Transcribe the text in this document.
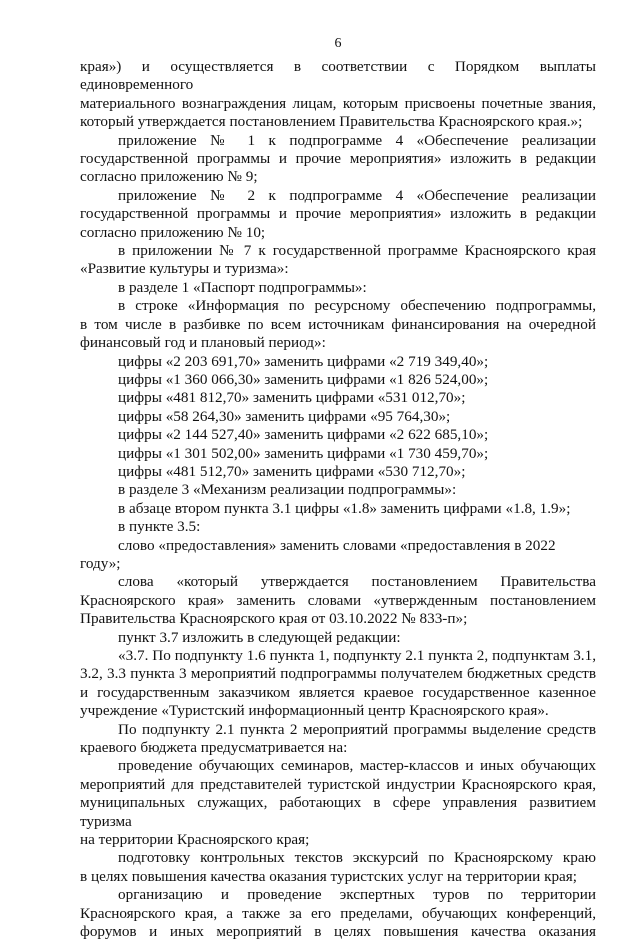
6

края») и осуществляется в соответствии с Порядком выплаты единовременного

материального вознаграждения лицам, которым присвоены почетные звания,

который утверждается постановлением Правительства Красноярского края.»;

приложение № 1 к подпрограмме 4 «Обеспечение реализации

государственной программы и прочие мероприятия» изложить в редакции

согласно приложению № 9;

приложение № 2 к подпрограмме 4 «Обеспечение реализации

государственной программы и прочие мероприятия» изложить в редакции

согласно приложению № 10;

в приложении № 7 к государственной программе Красноярского края

«Развитие культуры и туризма»:

в разделе 1 «Паспорт подпрограммы»:

в строке «Информация по ресурсному обеспечению подпрограммы,

в том числе в разбивке по всем источникам финансирования на очередной

финансовый год и плановый период»:

цифры «2 203 691,70» заменить цифрами «2 719 349,40»;

цифры «1 360 066,30» заменить цифрами «1 826 524,00»;

цифры «481 812,70» заменить цифрами «531 012,70»;

цифры «58 264,30» заменить цифрами «95 764,30»;

цифры «2 144 527,40» заменить цифрами «2 622 685,10»;

цифры «1 301 502,00» заменить цифрами «1 730 459,70»;

цифры «481 512,70» заменить цифрами «530 712,70»;

в разделе 3 «Механизм реализации подпрограммы»:

в абзаце втором пункта 3.1 цифры «1.8» заменить цифрами «1.8, 1.9»;

в пункте 3.5:

слово «предоставления» заменить словами «предоставления в 2022 году»;

слова «который утверждается постановлением Правительства

Красноярского края» заменить словами «утвержденным постановлением

Правительства Красноярского края от 03.10.2022 № 833-п»;

пункт 3.7 изложить в следующей редакции:

«3.7. По подпункту 1.6 пункта 1, подпункту 2.1 пункта 2, подпунктам 3.1,

3.2, 3.3 пункта 3 мероприятий подпрограммы получателем бюджетных средств

и государственным заказчиком является краевое государственное казенное

учреждение «Туристский информационный центр Красноярского края».

По подпункту 2.1 пункта 2 мероприятий программы выделение средств

краевого бюджета предусматривается на:

проведение обучающих семинаров, мастер-классов и иных обучающих

мероприятий для представителей туристской индустрии Красноярского края,

муниципальных служащих, работающих в сфере управления развитием туризма

на территории Красноярского края;

подготовку контрольных текстов экскурсий по Красноярскому краю

в целях повышения качества оказания туристских услуг на территории края;

организацию и проведение экспертных туров по территории

Красноярского края, а также за его пределами, обучающих конференций,

форумов и иных мероприятий в целях повышения качества оказания
